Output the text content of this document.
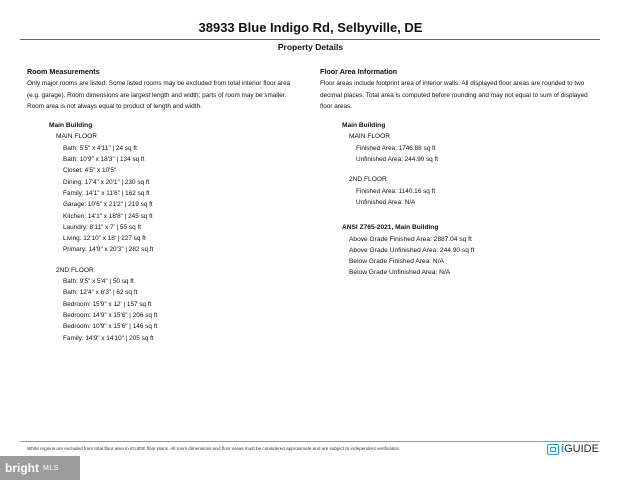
38933 Blue Indigo Rd, Selbyville, DE
Property Details
Room Measurements
Only major rooms are listed. Some listed rooms may be excluded from total interior floor area
(e.g. garage). Room dimensions are largest length and width; parts of room may be smaller.
Room area is not always equal to product of length and width.
Main Building
MAIN FLOOR
Bath: 5'5" x 4'11" | 24 sq ft
Bath: 10'9" x 18'3" | 134 sq ft
Closet: 4'5" x 10'5"
Dining: 17'4" x 20'1" | 230 sq ft
Family: 14'1" x 11'6" | 162 sq ft
Garage: 10'6" x 21'2" | 219 sq ft
Kitchen: 14'1" x 18'8" | 245 sq ft
Laundry: 8'11" x 7' | 55 sq ft
Living: 12'10" x 18' | 227 sq ft
Primary: 14'9" x 20'3" | 282 sq ft
2ND FLOOR
Bath: 9'5" x 5'4" | 50 sq ft
Bath: 12'4" x 6'3" | 62 sq ft
Bedroom: 15'9" x 12' | 157 sq ft
Bedroom: 14'9" x 15'6" | 206 sq ft
Bedroom: 10'9" x 15'6" | 146 sq ft
Family: 14'9" x 14'10" | 205 sq ft
Floor Area Information
Floor areas include footprint area of interior walls. All displayed floor areas are rounded to two
decimal places. Total area is computed before rounding and may not equal to sum of displayed
floor areas.
Main Building
MAIN FLOOR
Finished Area: 1746.88 sq ft
Unfinished Area: 244.90 sq ft
2ND FLOOR
Finished Area: 1140.16 sq ft
Unfinished Area: N/A
ANSI Z765-2021, Main Building
Above Grade Finished Area: 2887.04 sq ft
Above Grade Unfinished Area: 244.90 sq ft
Below Grade Finished Area: N/A
Below Grade Unfinished Area: N/A
White regions are excluded from total floor area in iGUIDE floor plans. All room dimensions and floor areas must be considered approximate and are subject to independent verification.	i GUIDE
bright MLS
